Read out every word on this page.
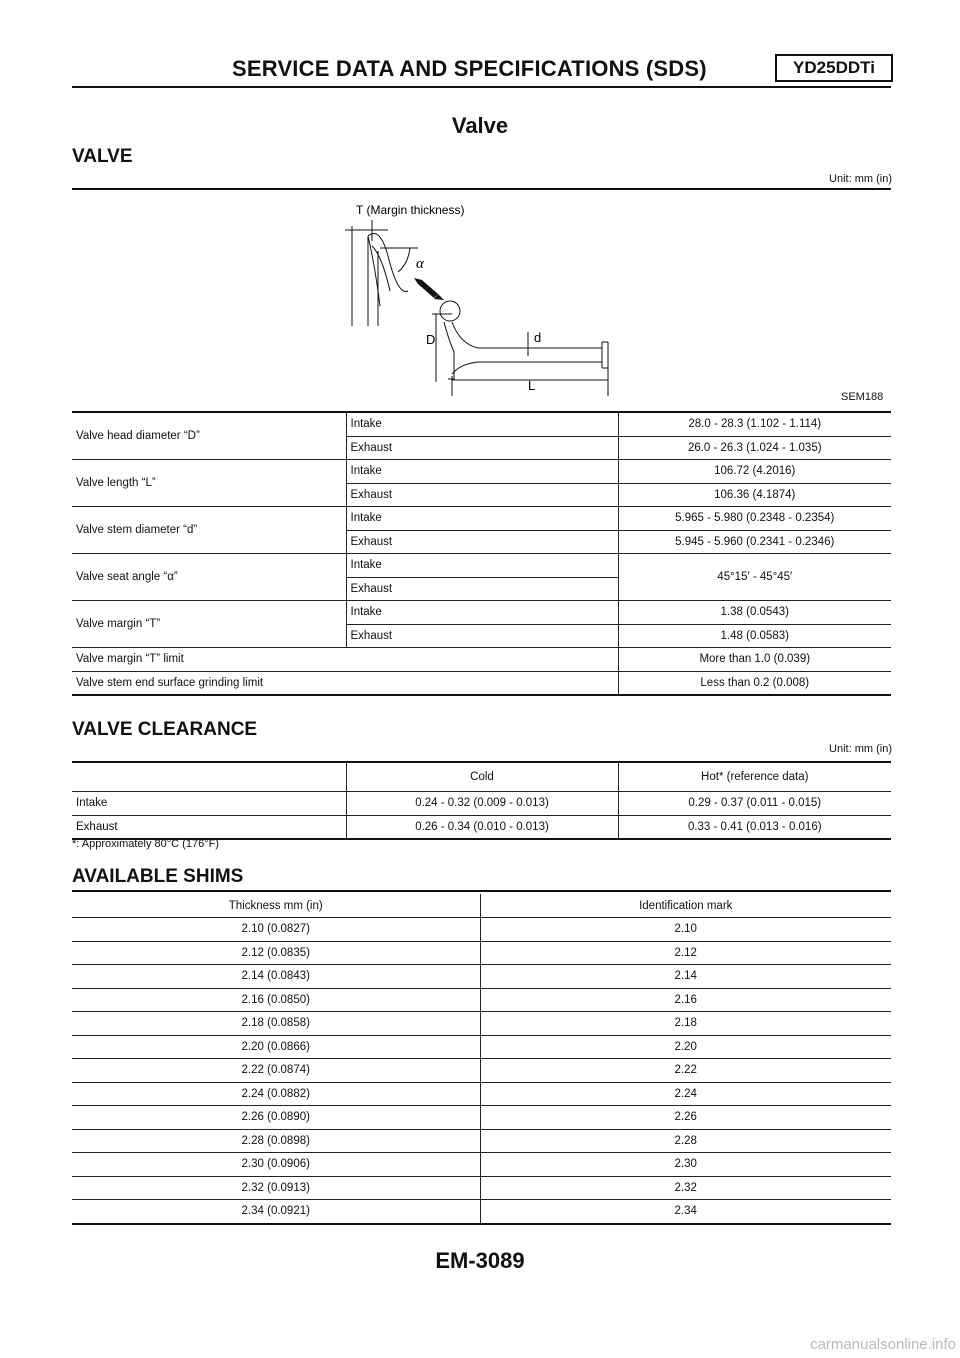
SERVICE DATA AND SPECIFICATIONS (SDS)	YD25DDTi
Valve
VALVE
Unit: mm (in)
T (Margin thickness)
α
D	d
L
SEM188
Valve head diameter “D”	Intake	28.0 - 28.3 (1.102 - 1.114)
	Exhaust	26.0 - 26.3 (1.024 - 1.035)
Valve length “L”	Intake	106.72 (4.2016)
	Exhaust	106.36 (4.1874)
Valve stem diameter “d”	Intake	5.965 - 5.980 (0.2348 - 0.2354)
	Exhaust	5.945 - 5.960 (0.2341 - 0.2346)
Valve seat angle “α”	Intake	45°15′ - 45°45′
	Exhaust	
Valve margin “T”	Intake	1.38 (0.0543)
	Exhaust	1.48 (0.0583)
Valve margin “T” limit		More than 1.0 (0.039)
Valve stem end surface grinding limit		Less than 0.2 (0.008)
VALVE CLEARANCE
Unit: mm (in)
	Cold	Hot* (reference data)
Intake	0.24 - 0.32 (0.009 - 0.013)	0.29 - 0.37 (0.011 - 0.015)
Exhaust	0.26 - 0.34 (0.010 - 0.013)	0.33 - 0.41 (0.013 - 0.016)
*: Approximately 80°C (176°F)
AVAILABLE SHIMS
Thickness mm (in)	Identification mark
2.10 (0.0827)	2.10
2.12 (0.0835)	2.12
2.14 (0.0843)	2.14
2.16 (0.0850)	2.16
2.18 (0.0858)	2.18
2.20 (0.0866)	2.20
2.22 (0.0874)	2.22
2.24 (0.0882)	2.24
2.26 (0.0890)	2.26
2.28 (0.0898)	2.28
2.30 (0.0906)	2.30
2.32 (0.0913)	2.32
2.34 (0.0921)	2.34
EM-3089
carmanualsonline.info
